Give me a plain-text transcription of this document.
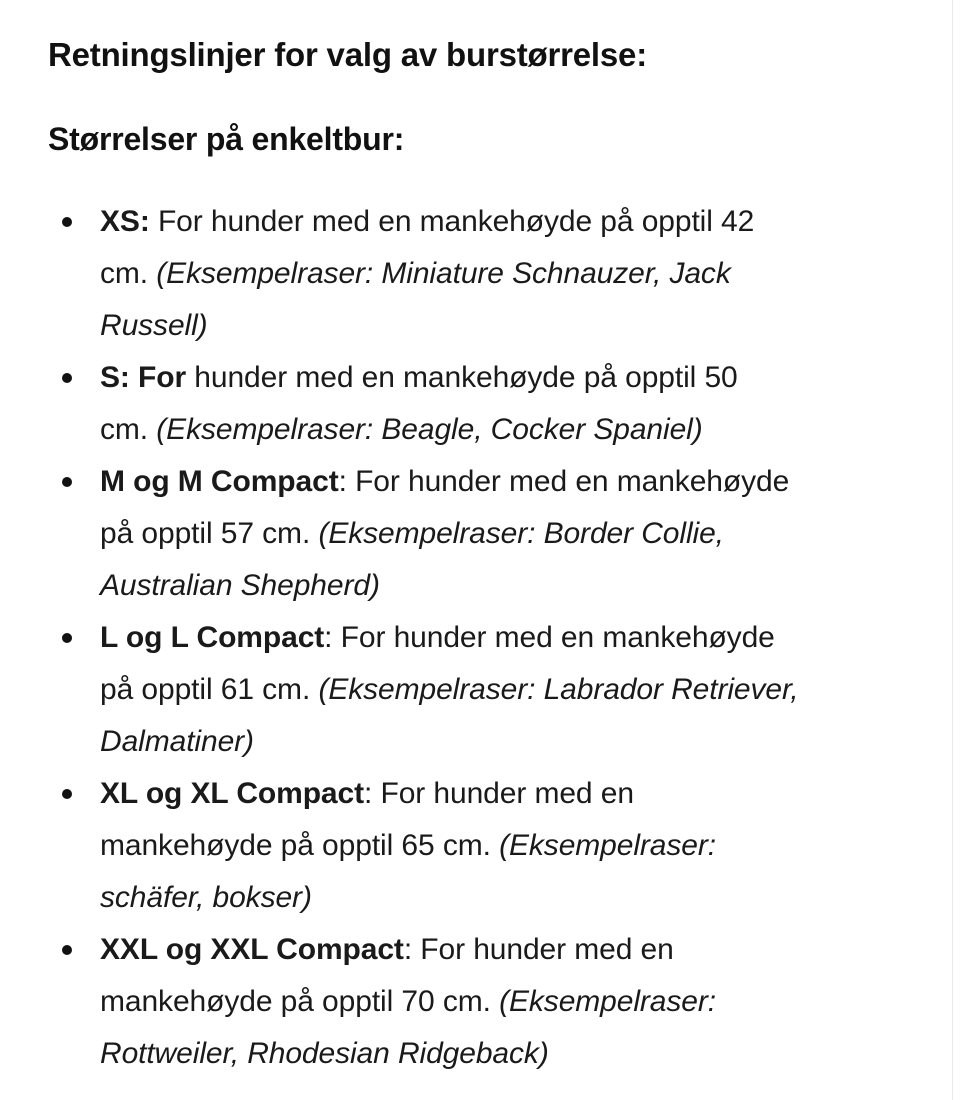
Retningslinjer for valg av burstørrelse:
Størrelser på enkeltbur:
XS: For hunder med en mankehøyde på opptil 42
cm. (Eksempelraser: Miniature Schnauzer, Jack
Russell)
S: For hunder med en mankehøyde på opptil 50
cm. (Eksempelraser: Beagle, Cocker Spaniel)
M og M Compact: For hunder med en mankehøyde
på opptil 57 cm. (Eksempelraser: Border Collie,
Australian Shepherd)
L og L Compact: For hunder med en mankehøyde
på opptil 61 cm. (Eksempelraser: Labrador Retriever,
Dalmatiner)
XL og XL Compact: For hunder med en
mankehøyde på opptil 65 cm. (Eksempelraser:
schäfer, bokser)
XXL og XXL Compact: For hunder med en
mankehøyde på opptil 70 cm. (Eksempelraser:
Rottweiler, Rhodesian Ridgeback)
